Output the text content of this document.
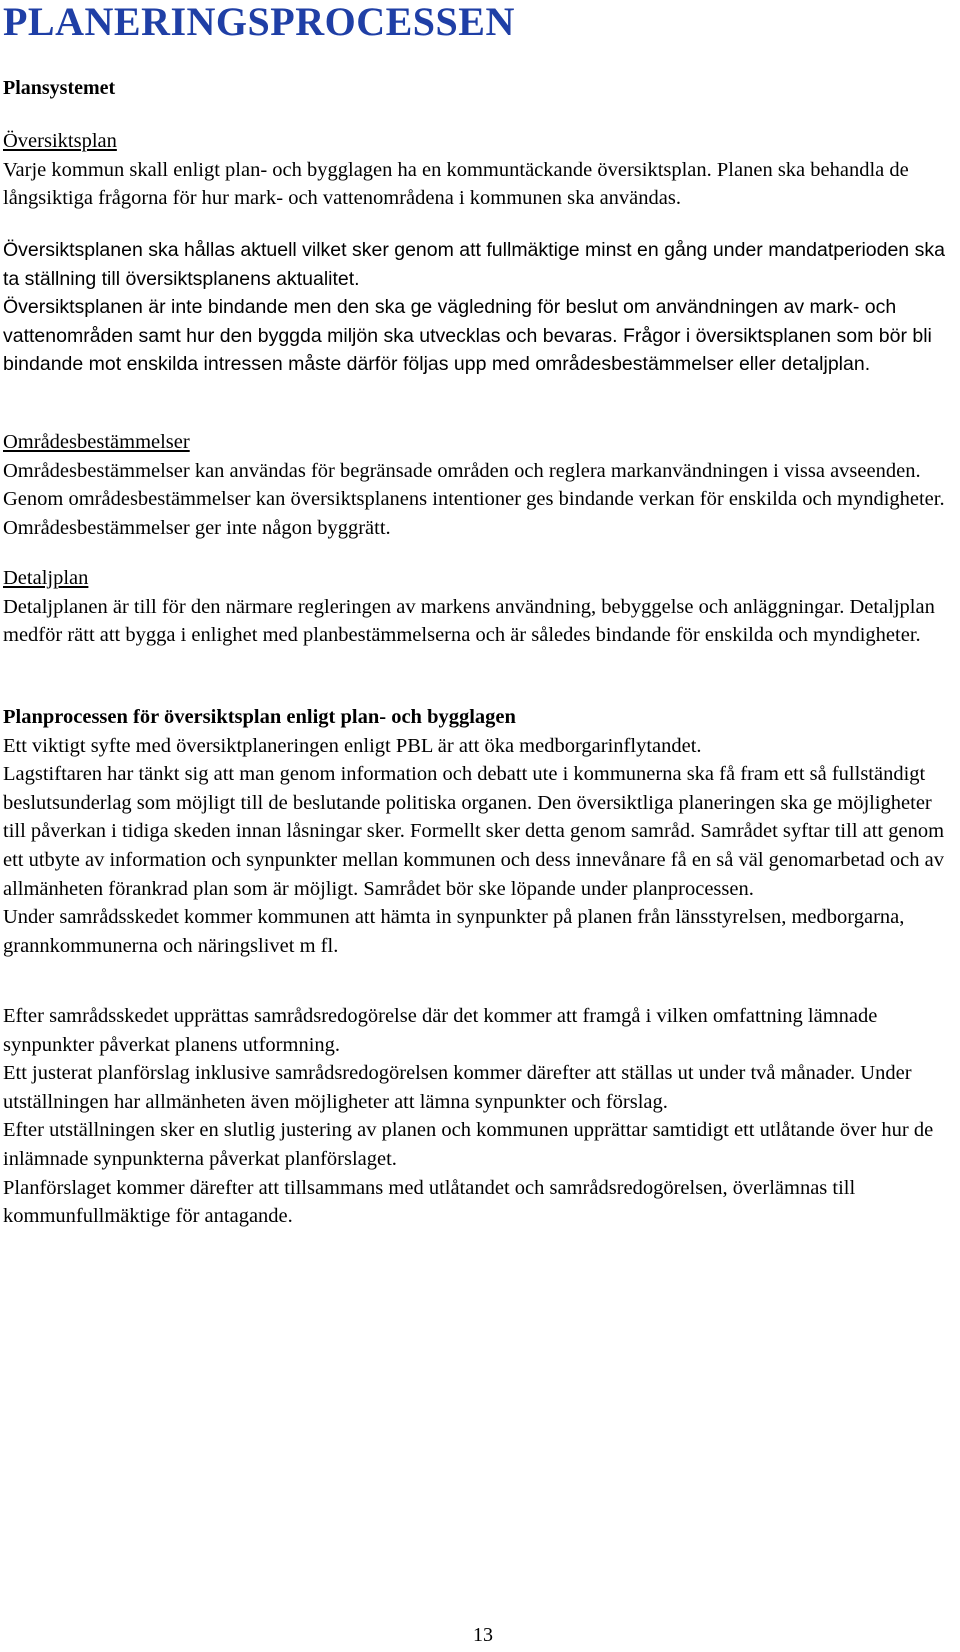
PLANERINGSPROCESSEN
Plansystemet

Översiktsplan

Varje kommun skall enligt plan- och bygglagen ha en kommuntäckande översiktsplan. Planen ska behandla de långsiktiga frågorna för hur mark- och vattenområdena i kommunen ska användas.

Översiktsplanen ska hållas aktuell vilket sker genom att fullmäktige minst en gång under mandatperioden ska ta ställning till översiktsplanens aktualitet.

Översiktsplanen är inte bindande men den ska ge vägledning för beslut om användningen av mark- och vattenområden samt hur den byggda miljön ska utvecklas och bevaras. Frågor i översiktsplanen som bör bli bindande mot enskilda intressen måste därför följas upp med områdesbestämmelser eller detaljplan.

Områdesbestämmelser

Områdesbestämmelser kan användas för begränsade områden och reglera markanvändningen i vissa avseenden. Genom områdesbestämmelser kan översiktsplanens intentioner ges bindande verkan för enskilda och myndigheter. Områdesbestämmelser ger inte någon byggrätt.

Detaljplan

Detaljplanen är till för den närmare regleringen av markens användning, bebyggelse och anläggningar. Detaljplan medför rätt att bygga i enlighet med planbestämmelserna och är således bindande för enskilda och myndigheter.

Planprocessen för översiktsplan enligt plan- och bygglagen

Ett viktigt syfte med översiktplaneringen enligt PBL är att öka medborgarinflytandet.

Lagstiftaren har tänkt sig att man genom information och debatt ute i kommunerna ska få fram ett så fullständigt beslutsunderlag som möjligt till de beslutande politiska organen. Den översiktliga planeringen ska ge möjligheter till påverkan i tidiga skeden innan låsningar sker. Formellt sker detta genom samråd. Samrådet syftar till att genom ett utbyte av information och synpunkter mellan kommunen och dess innevånare få en så väl genomarbetad och av allmänheten förankrad plan som är möjligt. Samrådet bör ske löpande under planprocessen.

Under samrådsskedet kommer kommunen att hämta in synpunkter på planen från länsstyrelsen, medborgarna, grannkommunerna och näringslivet m fl.

Efter samrådsskedet upprättas samrådsredogörelse där det kommer att framgå i vilken omfattning lämnade synpunkter påverkat planens utformning.

Ett justerat planförslag inklusive samrådsredogörelsen kommer därefter att ställas ut under två månader. Under utställningen har allmänheten även möjligheter att lämna synpunkter och förslag.

Efter utställningen sker en slutlig justering av planen och kommunen upprättar samtidigt ett utlåtande över hur de inlämnade synpunkterna påverkat planförslaget.

Planförslaget kommer därefter att tillsammans med utlåtandet och samrådsredogörelsen, överlämnas till kommunfullmäktige för antagande.

13
